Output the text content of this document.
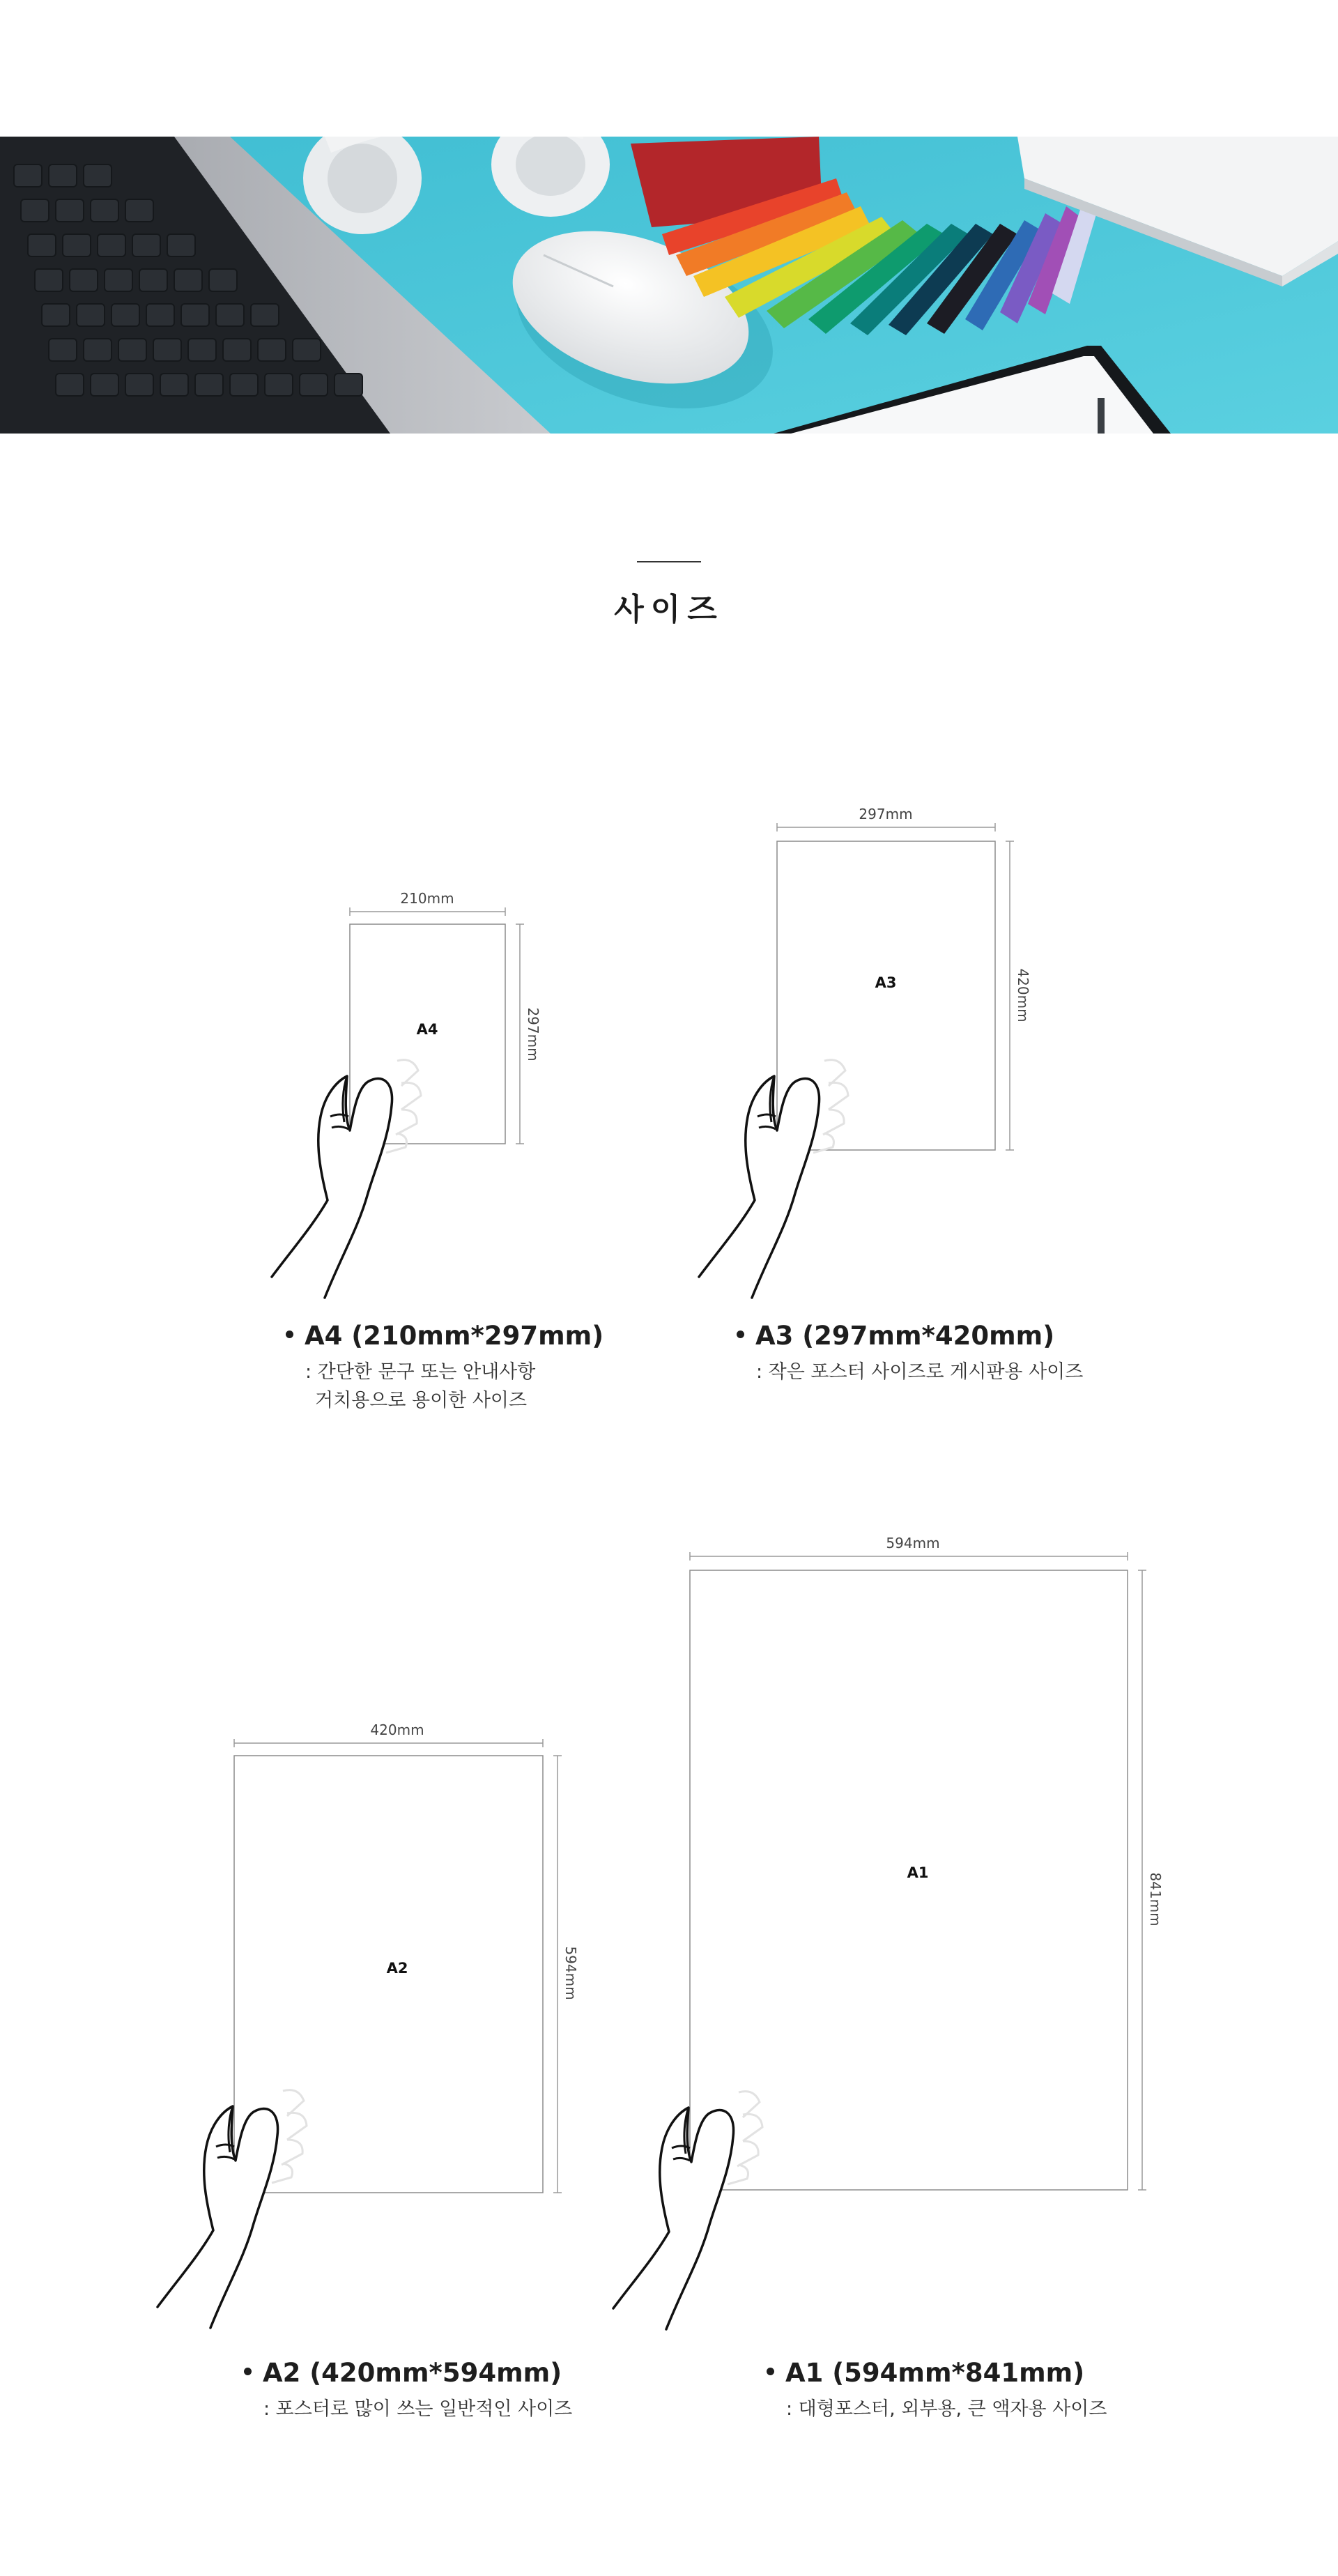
사이즈
210mm
A4	297mm
297mm
A3	420mm
420mm
A2	594mm
594mm
A1	841mm
A4 (210mm*297mm)
: 간단한 문구 또는 안내사항
거치용으로 용이한 사이즈
A3 (297mm*420mm)
: 작은 포스터 사이즈로 게시판용 사이즈
A2 (420mm*594mm)
: 포스터로 많이 쓰는 일반적인 사이즈
A1 (594mm*841mm)
: 대형포스터, 외부용, 큰 액자용 사이즈
